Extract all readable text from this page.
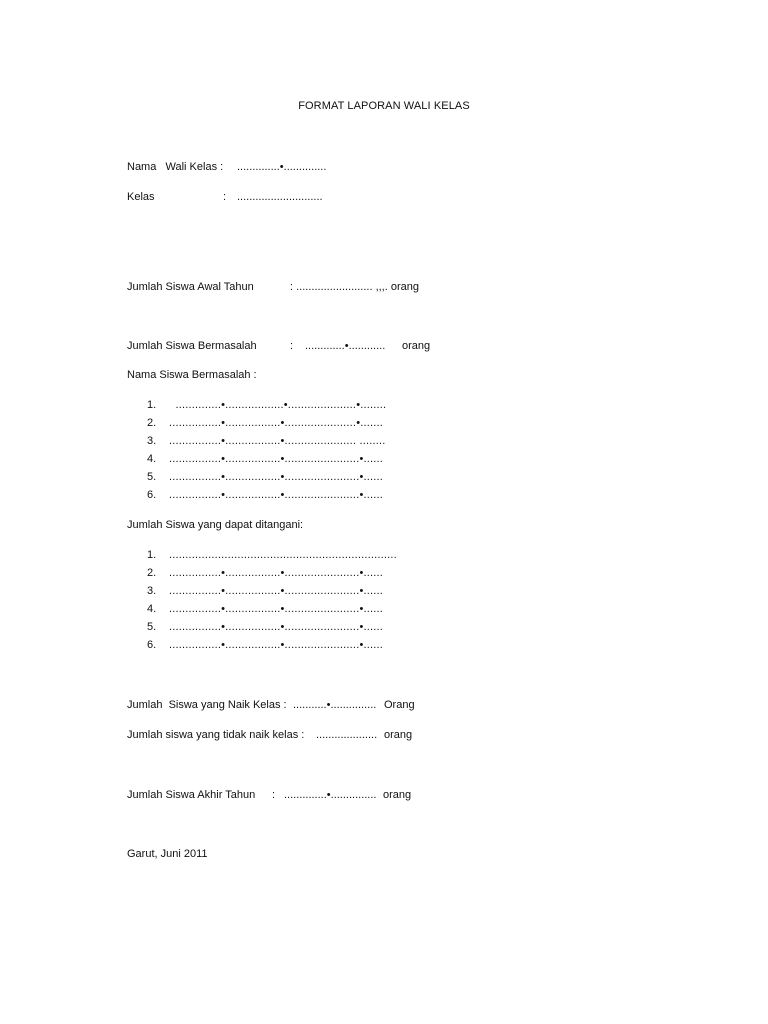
FORMAT LAPORAN WALI KELAS
Nama   Wali Kelas : ..............•..............
Kelas	: ............................
Jumlah Siswa Awal Tahun	: ......................... ,,,. orang
Jumlah Siswa Bermasalah	: .............•............ orang
Nama Siswa Bermasalah :
1. ..............•..................•.....................•........
2. ................•.................•......................•.......
3. ................•.................•...................... ........
4. ................•.................•.......................•......
5. ................•.................•.......................•......
6. ................•.................•.......................•......
Jumlah Siswa yang dapat ditangani:
1. ......................................................................
2. ................•.................•.......................•......
3. ................•.................•.......................•......
4. ................•.................•.......................•......
5. ................•.................•.......................•......
6. ................•.................•.......................•......
Jumlah  Siswa yang Naik Kelas : ...........•............... Orang
Jumlah siswa yang tidak naik kelas : .................... orang
Jumlah Siswa Akhir Tahun : ..............•............... orang
Garut, Juni 2011
